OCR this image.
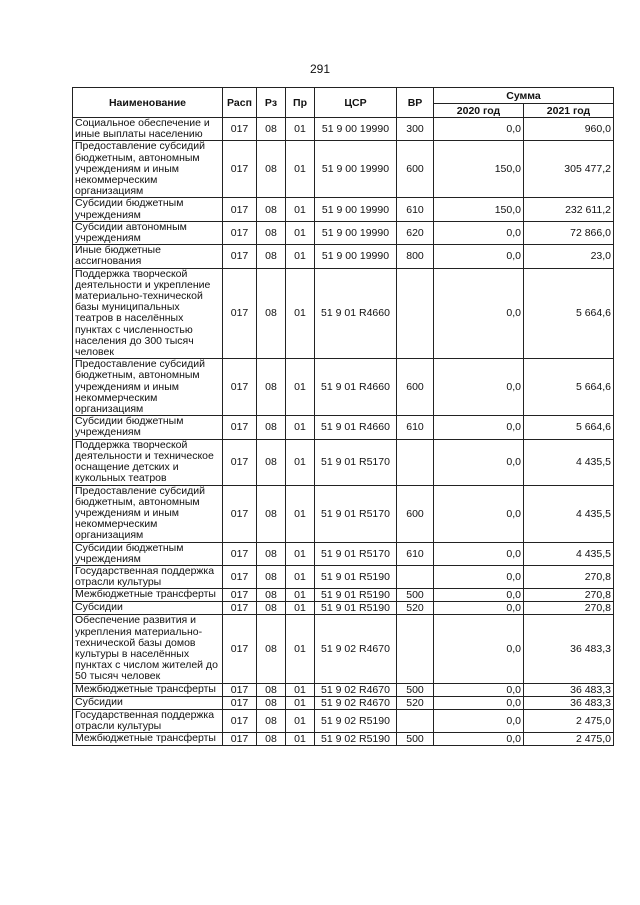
291
Наименование	Расп	Рз	Пр	ЦСР	ВР	Сумма	
						2020 год	2021 год
Социальное обеспечение и иные выплаты населению	017	08	01	51 9 00 19990	300	0,0	960,0
Предоставление субсидий бюджетным, автономным учреждениям и иным некоммерческим организациям	017	08	01	51 9 00 19990	600	150,0	305 477,2
Субсидии бюджетным учреждениям	017	08	01	51 9 00 19990	610	150,0	232 611,2
Субсидии автономным учреждениям	017	08	01	51 9 00 19990	620	0,0	72 866,0
Иные бюджетные ассигнования	017	08	01	51 9 00 19990	800	0,0	23,0
Поддержка творческой деятельности и укрепление материально-технической базы муниципальных театров в населённых пунктах с численностью населения до 300 тысяч человек	017	08	01	51 9 01 R4660		0,0	5 664,6
Предоставление субсидий бюджетным, автономным учреждениям и иным некоммерческим организациям	017	08	01	51 9 01 R4660	600	0,0	5 664,6
Субсидии бюджетным учреждениям	017	08	01	51 9 01 R4660	610	0,0	5 664,6
Поддержка творческой деятельности и техническое оснащение детских и кукольных театров	017	08	01	51 9 01 R5170		0,0	4 435,5
Предоставление субсидий бюджетным, автономным учреждениям и иным некоммерческим организациям	017	08	01	51 9 01 R5170	600	0,0	4 435,5
Субсидии бюджетным учреждениям	017	08	01	51 9 01 R5170	610	0,0	4 435,5
Государственная поддержка отрасли культуры	017	08	01	51 9 01 R5190		0,0	270,8
Межбюджетные трансферты	017	08	01	51 9 01 R5190	500	0,0	270,8
Субсидии	017	08	01	51 9 01 R5190	520	0,0	270,8
Обеспечение развития и укрепления материально-технической базы домов культуры в населённых пунктах с числом жителей до 50 тысяч человек	017	08	01	51 9 02 R4670		0,0	36 483,3
Межбюджетные трансферты	017	08	01	51 9 02 R4670	500	0,0	36 483,3
Субсидии	017	08	01	51 9 02 R4670	520	0,0	36 483,3
Государственная поддержка отрасли культуры	017	08	01	51 9 02 R5190		0,0	2 475,0
Межбюджетные трансферты	017	08	01	51 9 02 R5190	500	0,0	2 475,0
